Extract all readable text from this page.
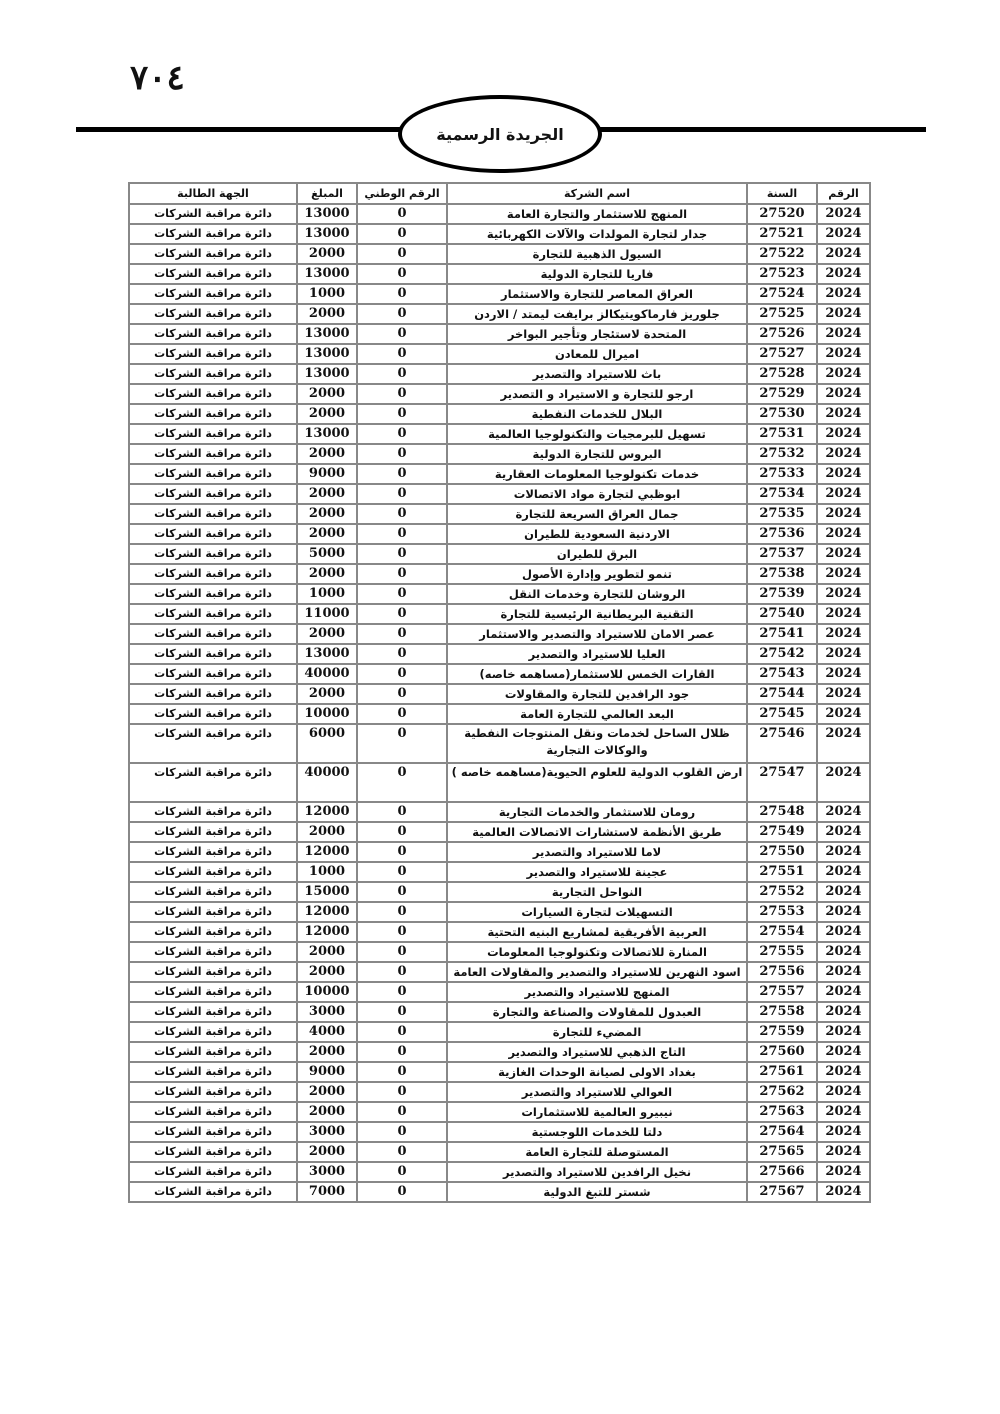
٧٠٤
الجريدة الرسمية
الرقم	السنة	اسم الشركة	الرقم الوطني	المبلغ	الجهة الطالبة
2024	27520	المنهج للاستثمار والتجارة العامة	0	13000	دائرة مراقبة الشركات
2024	27521	جدار لتجارة المولدات والآلات الكهربائية	0	13000	دائرة مراقبة الشركات
2024	27522	السيول الذهبية للتجارة	0	2000	دائرة مراقبة الشركات
2024	27523	فاريا للتجارة الدولية	0	13000	دائرة مراقبة الشركات
2024	27524	العراق المعاصر للتجارة والاستثمار	0	1000	دائرة مراقبة الشركات
2024	27525	جلوريز فارماكويتيكالز برايفت ليمتد / الاردن	0	2000	دائرة مراقبة الشركات
2024	27526	المتحدة لاستئجار وتأجير البواخر	0	13000	دائرة مراقبة الشركات
2024	27527	اميرال للمعادن	0	13000	دائرة مراقبة الشركات
2024	27528	باث للاستيراد والتصدير	0	13000	دائرة مراقبة الشركات
2024	27529	ارجو للتجارة و الاستيراد و التصدير	0	2000	دائرة مراقبة الشركات
2024	27530	البلال للخدمات النفطية	0	2000	دائرة مراقبة الشركات
2024	27531	تسهيل للبرمجيات والتكنولوجيا العالمية	0	13000	دائرة مراقبة الشركات
2024	27532	البروس للتجارة الدولية	0	2000	دائرة مراقبة الشركات
2024	27533	خدمات تكنولوجيا المعلومات العقارية	0	9000	دائرة مراقبة الشركات
2024	27534	ابوظبي لتجارة مواد الاتصالات	0	2000	دائرة مراقبة الشركات
2024	27535	جمال العراق السريعة للتجارة	0	2000	دائرة مراقبة الشركات
2024	27536	الاردنية السعودية للطيران	0	2000	دائرة مراقبة الشركات
2024	27537	البرق للطيران	0	5000	دائرة مراقبة الشركات
2024	27538	تنمو لتطوير وإدارة الأصول	0	2000	دائرة مراقبة الشركات
2024	27539	الروشان للتجارة وخدمات النقل	0	1000	دائرة مراقبة الشركات
2024	27540	التقنية البريطانية الرئيسية للتجارة	0	11000	دائرة مراقبة الشركات
2024	27541	عصر الامان للاستيراد والتصدير والاستثمار	0	2000	دائرة مراقبة الشركات
2024	27542	العليا للاستيراد والتصدير	0	13000	دائرة مراقبة الشركات
2024	27543	القارات الخمس للاستثمار(مساهمه خاصه)	0	40000	دائرة مراقبة الشركات
2024	27544	جود الرافدين للتجارة والمقاولات	0	2000	دائرة مراقبة الشركات
2024	27545	البعد العالمي للتجارة العامة	0	10000	دائرة مراقبة الشركات
2024	27546	ظلال الساحل لخدمات ونقل المنتوجات النفطية والوكالات التجارية	0	6000	دائرة مراقبة الشركات
2024	27547	ارض القلوب الدولية للعلوم الحيوية(مساهمه خاصه )	0	40000	دائرة مراقبة الشركات
2024	27548	رومان للاستثمار والخدمات التجارية	0	12000	دائرة مراقبة الشركات
2024	27549	طريق الأنظمة لاستشارات الاتصالات العالمية	0	2000	دائرة مراقبة الشركات
2024	27550	لاما للاستيراد والتصدير	0	12000	دائرة مراقبة الشركات
2024	27551	عجينة للاستيراد والتصدير	0	1000	دائرة مراقبة الشركات
2024	27552	النواحل التجارية	0	15000	دائرة مراقبة الشركات
2024	27553	التسهيلات لتجارة السيارات	0	12000	دائرة مراقبة الشركات
2024	27554	العربية الأفريقية لمشاريع البنيه التحتية	0	12000	دائرة مراقبة الشركات
2024	27555	المنارة للاتصالات وتكنولوجيا المعلومات	0	2000	دائرة مراقبة الشركات
2024	27556	اسود النهرين للاستيراد والتصدير والمقاولات العامة	0	2000	دائرة مراقبة الشركات
2024	27557	المنهج للاستيراد والتصدير	0	10000	دائرة مراقبة الشركات
2024	27558	العبدول للمقاولات والصناعة والتجارة	0	3000	دائرة مراقبة الشركات
2024	27559	المضيء للتجارة	0	4000	دائرة مراقبة الشركات
2024	27560	التاج الذهبي للاستيراد والتصدير	0	2000	دائرة مراقبة الشركات
2024	27561	بغداد الاولى لصيانة الوحدات الغازية	0	9000	دائرة مراقبة الشركات
2024	27562	العوالي للاستيراد والتصدير	0	2000	دائرة مراقبة الشركات
2024	27563	نيبيرو العالمية للاستثمارات	0	2000	دائرة مراقبة الشركات
2024	27564	دلتا للخدمات اللوجستية	0	3000	دائرة مراقبة الشركات
2024	27565	المستوصلة للتجارة العامة	0	2000	دائرة مراقبة الشركات
2024	27566	نخيل الرافدين للاستيراد والتصدير	0	3000	دائرة مراقبة الشركات
2024	27567	شستر للتبغ الدولية	0	7000	دائرة مراقبة الشركات
